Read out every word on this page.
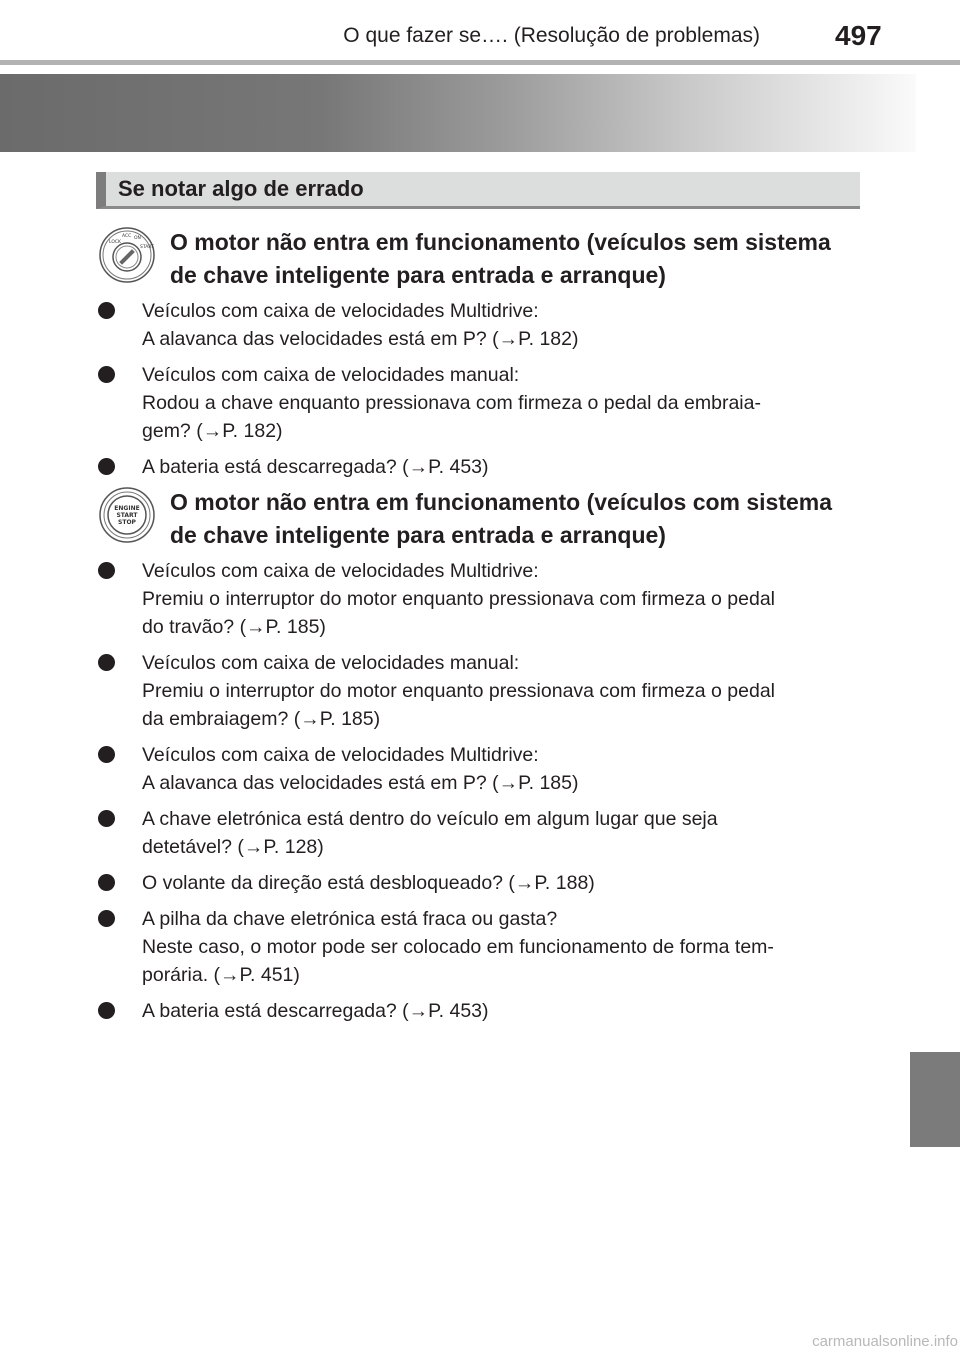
O que fazer se…. (Resolução de problemas)	497
Se notar algo de errado
LOCK
ACC ON
START O motor não entra em funcionamento (veículos sem sistema
de chave inteligente para entrada e arranque)
Veículos com caixa de velocidades Multidrive:
A alavanca das velocidades está em P? (→P. 182)
Veículos com caixa de velocidades manual:
Rodou a chave enquanto pressionava com firmeza o pedal da embraia-
gem? (→P. 182)
A bateria está descarregada? (→P. 453)
ENGINE
START
STOP
O motor não entra em funcionamento (veículos com sistema
de chave inteligente para entrada e arranque)
Veículos com caixa de velocidades Multidrive:
Premiu o interruptor do motor enquanto pressionava com firmeza o pedal
do travão? (→P. 185)
Veículos com caixa de velocidades manual:
Premiu o interruptor do motor enquanto pressionava com firmeza o pedal
da embraiagem? (→P. 185)
Veículos com caixa de velocidades Multidrive:
A alavanca das velocidades está em P? (→P. 185)
A chave eletrónica está dentro do veículo em algum lugar que seja
detetável? (→P. 128)
O volante da direção está desbloqueado? (→P. 188)
A pilha da chave eletrónica está fraca ou gasta?
Neste caso, o motor pode ser colocado em funcionamento de forma tem-
porária. (→P. 451)
A bateria está descarregada? (→P. 453)
carmanualsonline.info
